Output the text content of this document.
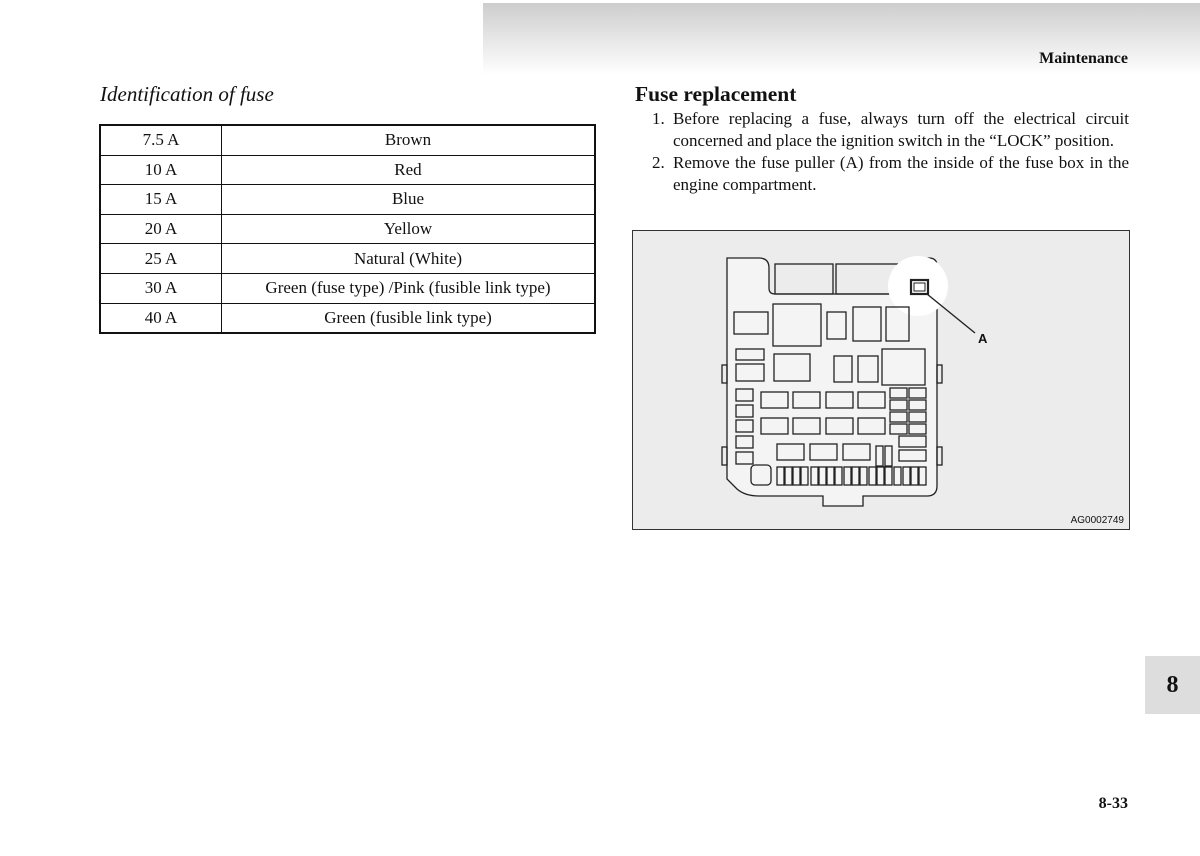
Maintenance
Identification of fuse
7.5 A	Brown
10 A	Red
15 A	Blue
20 A	Yellow
25 A	Natural (White)
30 A	Green (fuse type) /Pink (fusible link type)
40 A	Green (fusible link type)
Fuse replacement
1. Before replacing a fuse, always turn off the electrical circuit concerned and place the ignition switch in the “LOCK” position.
2. Remove the fuse puller (A) from the inside of the fuse box in the engine compartment.
A
AG0002749
8
8-33
